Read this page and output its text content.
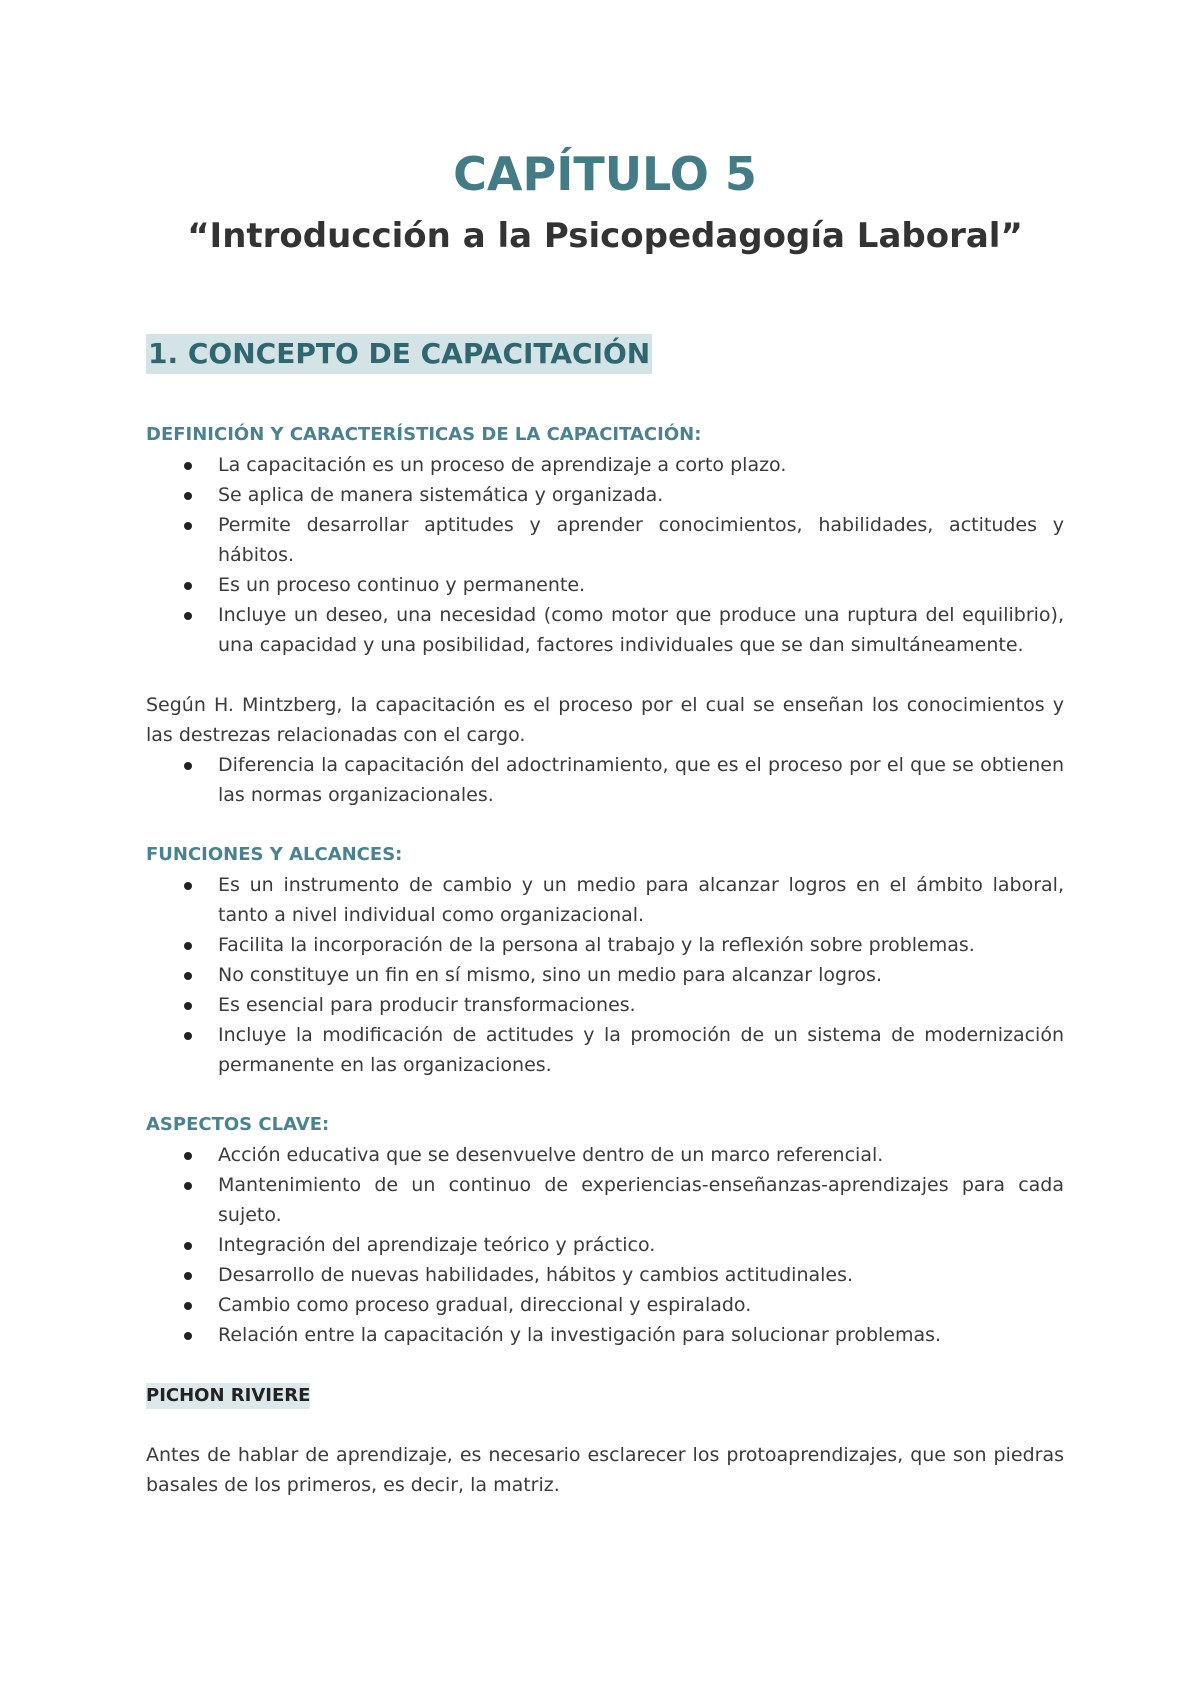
CAPÍTULO 5
“Introducción a la Psicopedagogía Laboral”
1. CONCEPTO DE CAPACITACIÓN

DEFINICIÓN Y CARACTERÍSTICAS DE LA CAPACITACIÓN:

La capacitación es un proceso de aprendizaje a corto plazo.
Se aplica de manera sistemática y organizada.
Permite desarrollar aptitudes y aprender conocimientos, habilidades, actitudes y hábitos.
Es un proceso continuo y permanente.
Incluye un deseo, una necesidad (como motor que produce una ruptura del equilibrio), una capacidad y una posibilidad, factores individuales que se dan simultáneamente.

Según H. Mintzberg, la capacitación es el proceso por el cual se enseñan los conocimientos y las destrezas relacionadas con el cargo.

Diferencia la capacitación del adoctrinamiento, que es el proceso por el que se obtienen las normas organizacionales.

FUNCIONES Y ALCANCES:

Es un instrumento de cambio y un medio para alcanzar logros en el ámbito laboral, tanto a nivel individual como organizacional.
Facilita la incorporación de la persona al trabajo y la reflexión sobre problemas.
No constituye un fin en sí mismo, sino un medio para alcanzar logros.
Es esencial para producir transformaciones.
Incluye la modificación de actitudes y la promoción de un sistema de modernización permanente en las organizaciones.

ASPECTOS CLAVE:

Acción educativa que se desenvuelve dentro de un marco referencial.
Mantenimiento de un continuo de experiencias-enseñanzas-aprendizajes para cada sujeto.
Integración del aprendizaje teórico y práctico.
Desarrollo de nuevas habilidades, hábitos y cambios actitudinales.
Cambio como proceso gradual, direccional y espiralado.
Relación entre la capacitación y la investigación para solucionar problemas.

PICHON RIVIERE

Antes de hablar de aprendizaje, es necesario esclarecer los protoaprendizajes, que son piedras basales de los primeros, es decir, la matriz.
